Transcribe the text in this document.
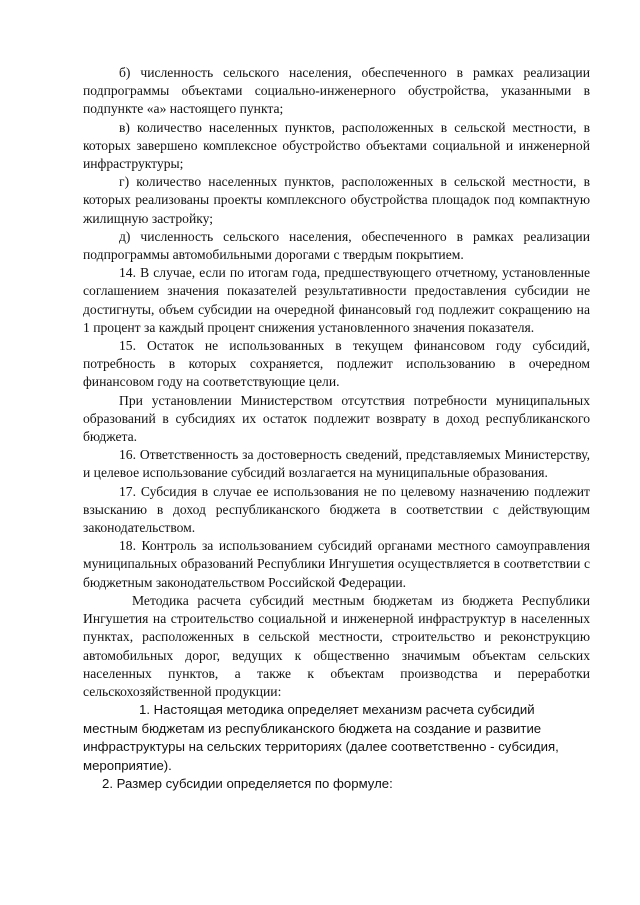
б) численность сельского населения, обеспеченного в рамках реализации подпрограммы объектами социально-инженерного обустройства, указанными в подпункте «а» настоящего пункта;

в) количество населенных пунктов, расположенных в сельской местности, в которых завершено комплексное обустройство объектами социальной и инженерной инфраструктуры;

г) количество населенных пунктов, расположенных в сельской местности, в которых реализованы проекты комплексного обустройства площадок под компактную жилищную застройку;

д) численность сельского населения, обеспеченного в рамках реализации подпрограммы автомобильными дорогами с твердым покрытием.

14. В случае, если по итогам года, предшествующего отчетному, установленные соглашением значения показателей результативности предоставления субсидии не достигнуты, объем субсидии на очередной финансовый год подлежит сокращению на 1 процент за каждый процент снижения установленного значения показателя.

15. Остаток не использованных в текущем финансовом году субсидий, потребность в которых сохраняется, подлежит использованию в очередном финансовом году на соответствующие цели.

При установлении Министерством отсутствия потребности муниципальных образований в субсидиях их остаток подлежит возврату в доход республиканского бюджета.

16. Ответственность за достоверность сведений, представляемых Министерству, и целевое использование субсидий возлагается на муниципальные образования.

17. Субсидия в случае ее использования не по целевому назначению подлежит взысканию в доход республиканского бюджета в соответствии с действующим законодательством.

18. Контроль за использованием субсидий органами местного самоуправления муниципальных образований Республики Ингушетия осуществляется в соответствии с бюджетным законодательством Российской Федерации.

Методика расчета субсидий местным бюджетам из бюджета Республики Ингушетия на строительство социальной и инженерной инфраструктур в населенных пунктах, расположенных в сельской местности, строительство и реконструкцию автомобильных дорог, ведущих к общественно значимым объектам сельских населенных пунктов, а также к объектам производства и переработки сельскохозяйственной продукции:

1. Настоящая методика определяет механизм расчета субсидий местным бюджетам из республиканского бюджета на создание и развитие инфраструктуры на сельских территориях (далее соответственно - субсидия, мероприятие).

2. Размер субсидии определяется по формуле:
